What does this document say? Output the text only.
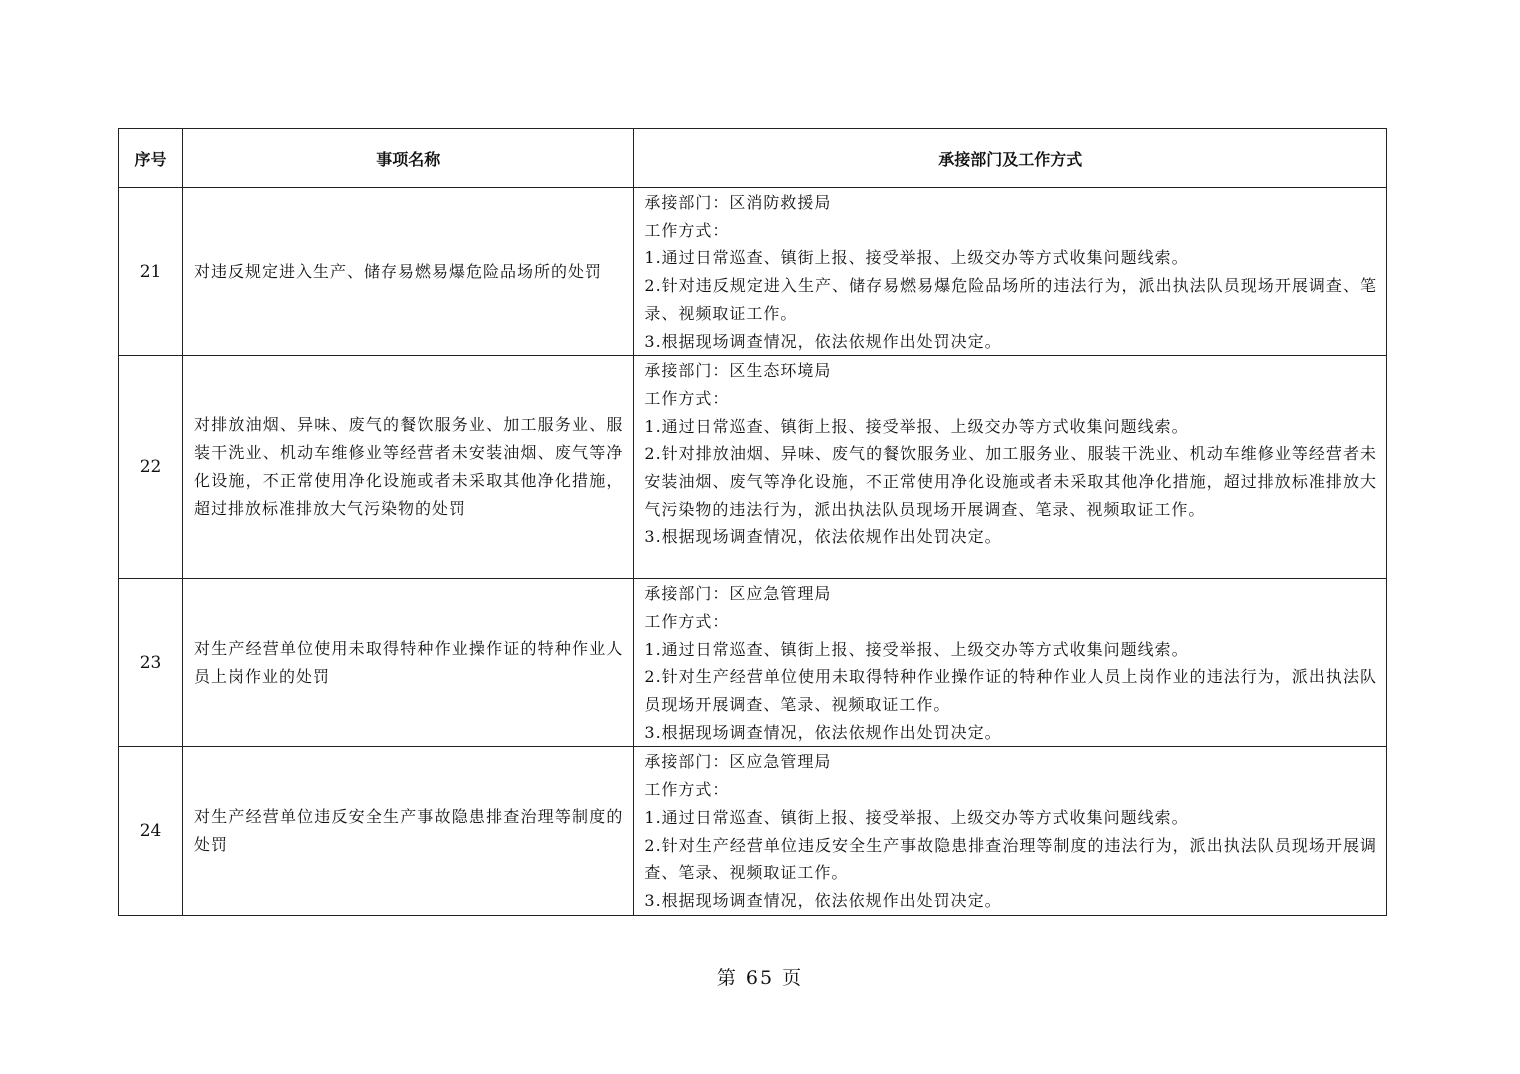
序号	事项名称	承接部门及工作方式
21	对违反规定进入生产、储存易燃易爆危险品场所的处罚	承接部门：区消防救援局
工作方式：
1.通过日常巡查、镇街上报、接受举报、上级交办等方式收集问题线索。
2.针对违反规定进入生产、储存易燃易爆危险品场所的违法行为，派出执法队员现场开展调查、笔录、视频取证工作。
3.根据现场调查情况，依法依规作出处罚决定。

22	对排放油烟、异味、废气的餐饮服务业、加工服务业、服装干洗业、机动车维修业等经营者未安装油烟、废气等净化设施，不正常使用净化设施或者未采取其他净化措施，超过排放标准排放大气污染物的处罚	承接部门：区生态环境局
工作方式：
1.通过日常巡查、镇街上报、接受举报、上级交办等方式收集问题线索。
2.针对排放油烟、异味、废气的餐饮服务业、加工服务业、服装干洗业、机动车维修业等经营者未安装油烟、废气等净化设施，不正常使用净化设施或者未采取其他净化措施，超过排放标准排放大气污染物的违法行为，派出执法队员现场开展调查、笔录、视频取证工作。
3.根据现场调查情况，依法依规作出处罚决定。

23	对生产经营单位使用未取得特种作业操作证的特种作业人员上岗作业的处罚	承接部门：区应急管理局
工作方式：
1.通过日常巡查、镇街上报、接受举报、上级交办等方式收集问题线索。
2.针对生产经营单位使用未取得特种作业操作证的特种作业人员上岗作业的违法行为，派出执法队员现场开展调查、笔录、视频取证工作。
3.根据现场调查情况，依法依规作出处罚决定。

24	对生产经营单位违反安全生产事故隐患排查治理等制度的处罚	承接部门：区应急管理局
工作方式：
1.通过日常巡查、镇街上报、接受举报、上级交办等方式收集问题线索。
2.针对生产经营单位违反安全生产事故隐患排查治理等制度的违法行为，派出执法队员现场开展调查、笔录、视频取证工作。
3.根据现场调查情况，依法依规作出处罚决定。
第 65 页
